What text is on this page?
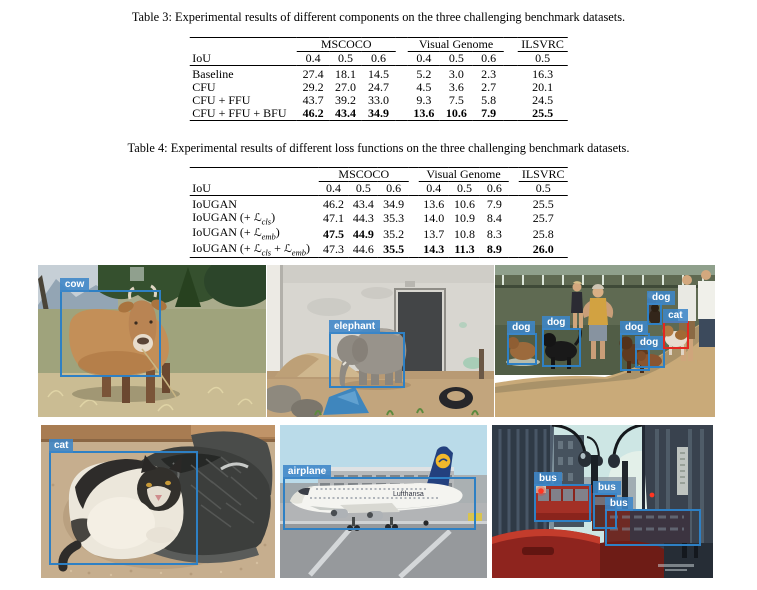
Table 3: Experimental results of different components on the three challenging benchmark datasets.
	MSCOCO				Visual Genome				ILSVRC
IoU	0.4	0.5	0.6		0.4	0.5	0.6		0.5
Baseline	27.4	18.1	14.5		5.2	3.0	2.3		16.3
CFU	29.2	27.0	24.7		4.5	3.6	2.7		20.1
CFU + FFU	43.7	39.2	33.0		9.3	7.5	5.8		24.5
CFU + FFU + BFU	46.2	43.4	34.9		13.6	10.6	7.9		25.5
Table 4: Experimental results of different loss functions on the three challenging benchmark datasets.
	MSCOCO				Visual Genome				ILSVRC
IoU	0.4	0.5	0.6		0.4	0.5	0.6		0.5
IoUGAN	46.2	43.4	34.9		13.6	10.6	7.9		25.5
IoUGAN (+ ℒ$_{cls}$)	47.1	44.3	35.3		14.0	10.9	8.4		25.7
IoUGAN (+ ℒ$_{emb}$)	47.5	44.9	35.2		13.7	10.8	8.3		25.8
IoUGAN (+ ℒ$_{cls}$ + ℒ$_{emb}$)	47.3	44.6	35.5		14.3	11.3	8.9		26.0
cow
elephant	dog	dog	dog
dog
dog
cat
cat
Lufthansa
airplane
bus
bus
bus
